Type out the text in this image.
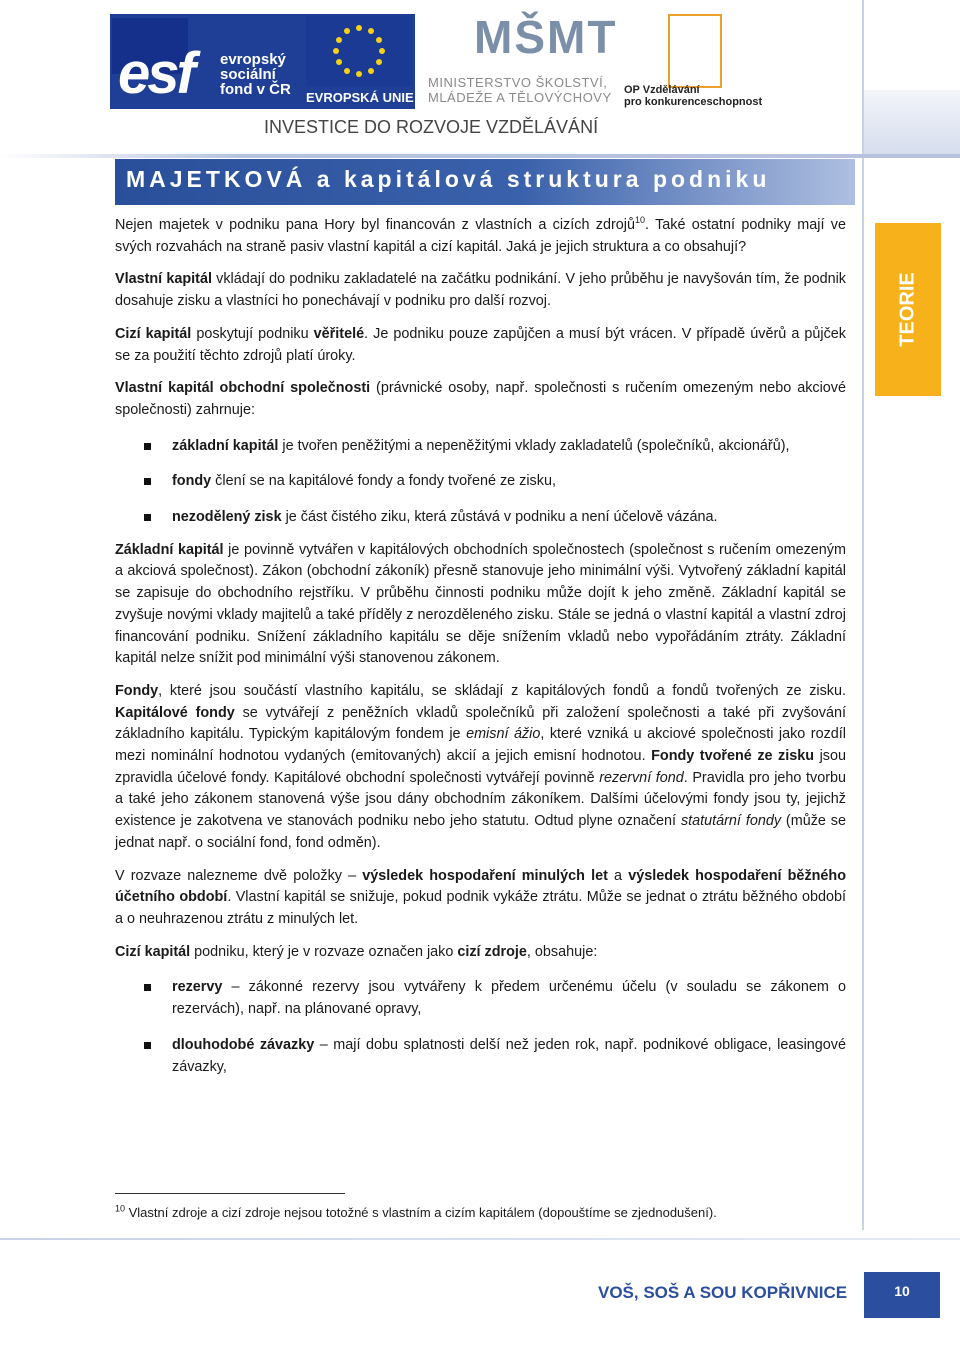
esf evropský
sociální
fond v ČR EVROPSKÁ UNIE
MŠMT
MINISTERSTVO ŠKOLSTVÍ,
MLÁDEŽE A TĚLOVÝCHOVY OP Vzdělávání
pro konkurenceschopnost
INVESTICE DO ROZVOJE VZDĚLÁVÁNÍ
MAJETKOVÁ a kapitálová struktura podniku
TEORIE

Nejen majetek v podniku pana Hory byl financován z vlastních a cizích zdrojů$^{10}$. Také ostatní podniky mají ve svých rozvahách na straně pasiv vlastní kapitál a cizí kapitál. Jaká je jejich struktura a co obsahují?

Vlastní kapitál vkládají do podniku zakladatelé na začátku podnikání. V jeho průběhu je navyšován tím, že podnik dosahuje zisku a vlastníci ho ponechávají v podniku pro další rozvoj.

Cizí kapitál poskytují podniku věřitelé. Je podniku pouze zapůjčen a musí být vrácen. V případě úvěrů a půjček se za použití těchto zdrojů platí úroky.

Vlastní kapitál obchodní společnosti (právnické osoby, např. společnosti s ručením omezeným nebo akciové společnosti) zahrnuje:

základní kapitál je tvořen peněžitými a nepeněžitými vklady zakladatelů (společníků, akcionářů),

fondy člení se na kapitálové fondy a fondy tvořené ze zisku,

nezodělený zisk je část čistého ziku, která zůstává v podniku a není účelově vázána.

Základní kapitál je povinně vytvářen v kapitálových obchodních společnostech (společnost s ručením omezeným a akciová společnost). Zákon (obchodní zákoník) přesně stanovuje jeho minimální výši. Vytvořený základní kapitál se zapisuje do obchodního rejstříku. V průběhu činnosti podniku může dojít k jeho změně. Základní kapitál se zvyšuje novými vklady majitelů a také příděly z nerozděleného zisku. Stále se jedná o vlastní kapitál a vlastní zdroj financování podniku. Snížení základního kapitálu se děje snížením vkladů nebo vypořádáním ztráty. Základní kapitál nelze snížit pod minimální výši stanovenou zákonem.

Fondy, které jsou součástí vlastního kapitálu, se skládají z kapitálových fondů a fondů tvořených ze zisku. Kapitálové fondy se vytvářejí z peněžních vkladů společníků při založení společnosti a také při zvyšování základního kapitálu. Typickým kapitálovým fondem je emisní ážio, které vzniká u akciové společnosti jako rozdíl mezi nominální hodnotou vydaných (emitovaných) akcií a jejich emisní hodnotou. Fondy tvořené ze zisku jsou zpravidla účelové fondy. Kapitálové obchodní společnosti vytvářejí povinně rezervní fond. Pravidla pro jeho tvorbu a také jeho zákonem stanovená výše jsou dány obchodním zákoníkem. Dalšími účelovými fondy jsou ty, jejichž existence je zakotvena ve stanovách podniku nebo jeho statutu. Odtud plyne označení statutární fondy (může se jednat např. o sociální fond, fond odměn).

V rozvaze nalezneme dvě položky – výsledek hospodaření minulých let a výsledek hospodaření běžného účetního období. Vlastní kapitál se snižuje, pokud podnik vykáže ztrátu. Může se jednat o ztrátu běžného období a o neuhrazenou ztrátu z minulých let.

Cizí kapitál podniku, který je v rozvaze označen jako cizí zdroje, obsahuje:

rezervy – zákonné rezervy jsou vytvářeny k předem určenému účelu (v souladu se zákonem o rezervách), např. na plánované opravy,

dlouhodobé závazky – mají dobu splatnosti delší než jeden rok, např. podnikové obligace, leasingové závazky,

$^{10}$ Vlastní zdroje a cizí zdroje nejsou totožné s vlastním a cizím kapitálem (dopouštíme se zjednodušení).
VOŠ, SOŠ A SOU KOPŘIVNICE	10
